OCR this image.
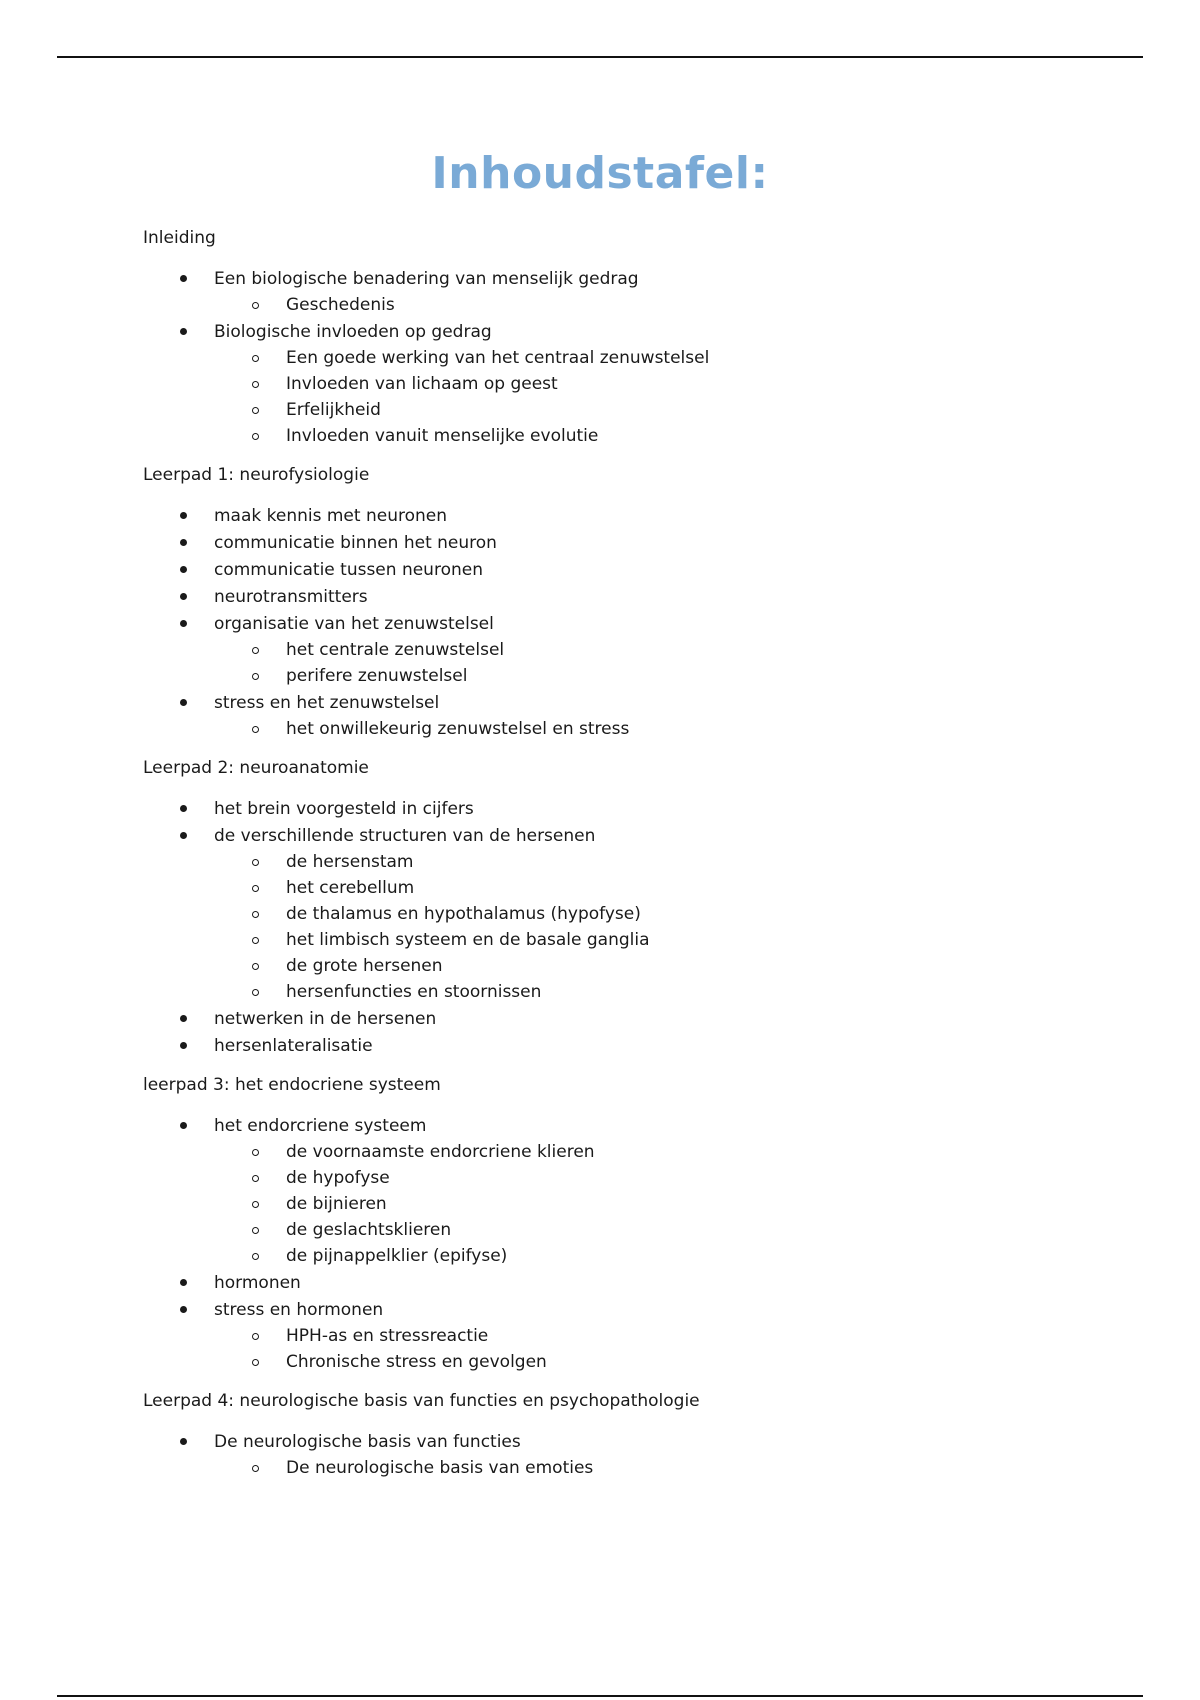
Inhoudstafel:
Inleiding
Een biologische benadering van menselijk gedrag
Geschedenis
Biologische invloeden op gedrag
Een goede werking van het centraal zenuwstelsel
Invloeden van lichaam op geest
Erfelijkheid
Invloeden vanuit menselijke evolutie
Leerpad 1: neurofysiologie
maak kennis met neuronen
communicatie binnen het neuron
communicatie tussen neuronen
neurotransmitters
organisatie van het zenuwstelsel
het centrale zenuwstelsel
perifere zenuwstelsel
stress en het zenuwstelsel
het onwillekeurig zenuwstelsel en stress
Leerpad 2: neuroanatomie
het brein voorgesteld in cijfers
de verschillende structuren van de hersenen
de hersenstam
het cerebellum
de thalamus en hypothalamus (hypofyse)
het limbisch systeem en de basale ganglia
de grote hersenen
hersenfuncties en stoornissen
netwerken in de hersenen
hersenlateralisatie
leerpad 3: het endocriene systeem
het endorcriene systeem
de voornaamste endorcriene klieren
de hypofyse
de bijnieren
de geslachtsklieren
de pijnappelklier (epifyse)
hormonen
stress en hormonen
HPH-as en stressreactie
Chronische stress en gevolgen
Leerpad 4: neurologische basis van functies en psychopathologie
De neurologische basis van functies
De neurologische basis van emoties
